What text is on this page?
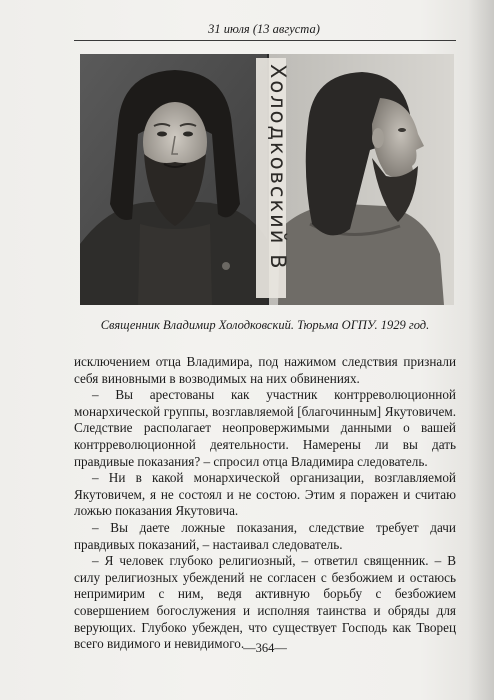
31 июля (13 августа)
Холодковский В
Священник Владимир Холодковский. Тюрьма ОГПУ. 1929 год.

исключением отца Владимира, под нажимом следствия признали себя виновными в возводимых на них обвинениях.

– Вы арестованы как участник контрреволюционной монархической группы, возглавляемой [благочинным] Якутовичем. Следствие располагает неопровержимыми данными о вашей контрреволюционной деятельности. Намерены ли вы дать правдивые показания? – спросил отца Владимира следователь.

– Ни в какой монархической организации, возглавляемой Якутовичем, я не состоял и не состою. Этим я поражен и считаю ложью показания Якутовича.

– Вы даете ложные показания, следствие требует дачи правдивых показаний, – настаивал следователь.

– Я человек глубоко религиозный, – ответил священник. – В силу религиозных убеждений не согласен с безбожием и остаюсь непримирим с ним, ведя активную борьбу с безбожием совершением богослужения и исполняя таинства и обряды для верующих. Глубоко убежден, что существует Господь как Творец всего видимого и невидимого.

—364—
